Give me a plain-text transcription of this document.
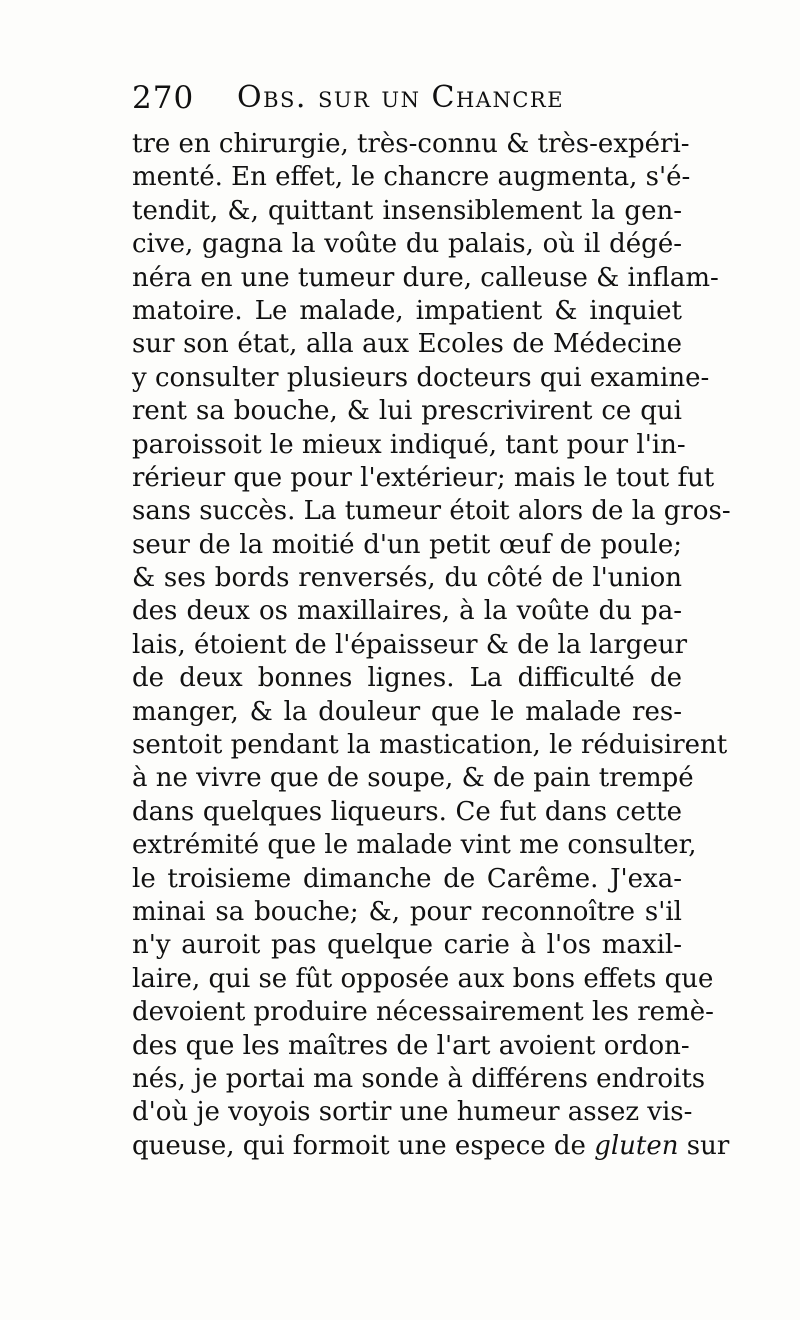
270 Obs. sur un Chancre
tre en chirurgie, très-connu & très-expéri-
menté. En effet, le chancre augmenta, s'é-
tendit, &, quittant insensiblement la gen-
cive, gagna la voûte du palais, où il dégé-
néra en une tumeur dure, calleuse & inflam-
matoire. Le malade, impatient & inquiet
sur son état, alla aux Ecoles de Médecine
y consulter plusieurs docteurs qui examine-
rent sa bouche, & lui prescrivirent ce qui
paroissoit le mieux indiqué, tant pour l'in-
rérieur que pour l'extérieur; mais le tout fut
sans succès. La tumeur étoit alors de la gros-
seur de la moitié d'un petit œuf de poule;
& ses bords renversés, du côté de l'union
des deux os maxillaires, à la voûte du pa-
lais, étoient de l'épaisseur & de la largeur
de deux bonnes lignes. La difficulté de
manger, & la douleur que le malade res-
sentoit pendant la mastication, le réduisirent
à ne vivre que de soupe, & de pain trempé
dans quelques liqueurs. Ce fut dans cette
extrémité que le malade vint me consulter,
le troisieme dimanche de Carême. J'exa-
minai sa bouche; &, pour reconnoître s'il
n'y auroit pas quelque carie à l'os maxil-
laire, qui se fût opposée aux bons effets que
devoient produire nécessairement les remè-
des que les maîtres de l'art avoient ordon-
nés, je portai ma sonde à différens endroits
d'où je voyois sortir une humeur assez vis-
queuse, qui formoit une espece de gluten sur
